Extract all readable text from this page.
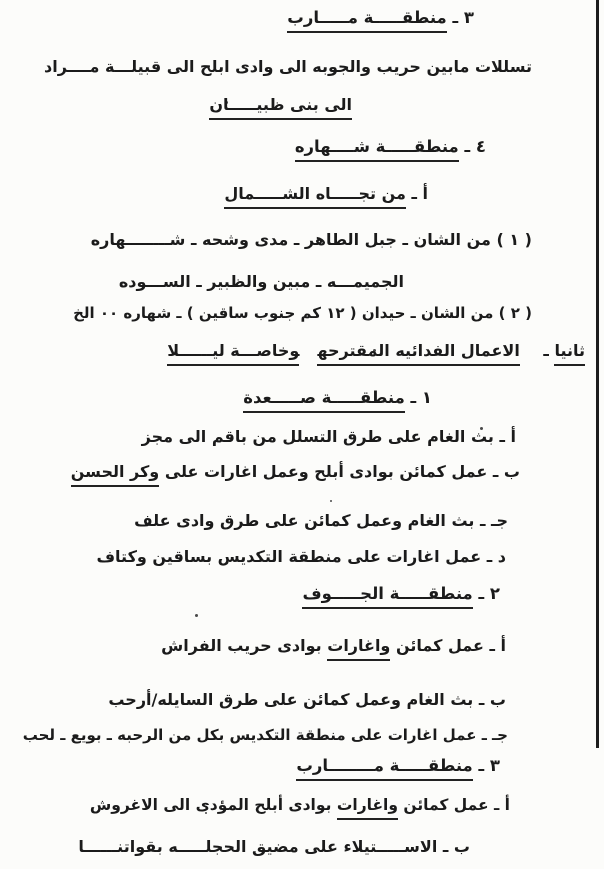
٣ ـ منطقـــــة مـــــارب
تسللات مابين حريب والجوبه الى وادى ابلح الى قبيلـــة مــــراد
الى بنى ظبيـــــان
٤ ـ منطقـــــة شــــهاره
أ ـ من تجـــــاه الشـــــمال
( ١ ) من الشان ـ جبل الطاهر ـ مدى وشحه ـ شــــــــهاره
الجميمـــه ـ مبين والظبير ـ الســـوده
( ٢ ) من الشان ـ حيدان ( ١٢ كم جنوب ساقين ) ـ شهاره ٠٠ الخ
ثانيا ـ الاعمال الفدائيه المقترحهوخاصـــة ليــــــلا
١ ـ منطقـــــة صـــــعدة
أ ـ بث الغام على طرق التسلل من باقم الى مجز
ب ـ عمل كمائن بوادى أبلح وعمل اغارات على وكر الحسن
جـ ـ بث الغام وعمل كمائن على طرق وادى علف
د ـ عمل اغارات على منطقة التكديس بساقين وكتاف
٢ ـ منطقـــــة الجـــــوف
أ ـ عمل كمائن واغارات بوادى حريب الفراش
ب ـ بث الغام وعمل كمائن على طرق السايله/أرحب
جـ ـ عمل اغارات على منطقة التكديس بكل من الرحبه ـ بويع ـ لحب
٣ ـ منطقـــــة مــــــــارب
أ ـ عمل كمائن واغارات بوادى أبلح المؤدى الى الاغروش
ب ـ الاســـــتيلاء على مضيق الحجلـــــه بقواتنــــــا
